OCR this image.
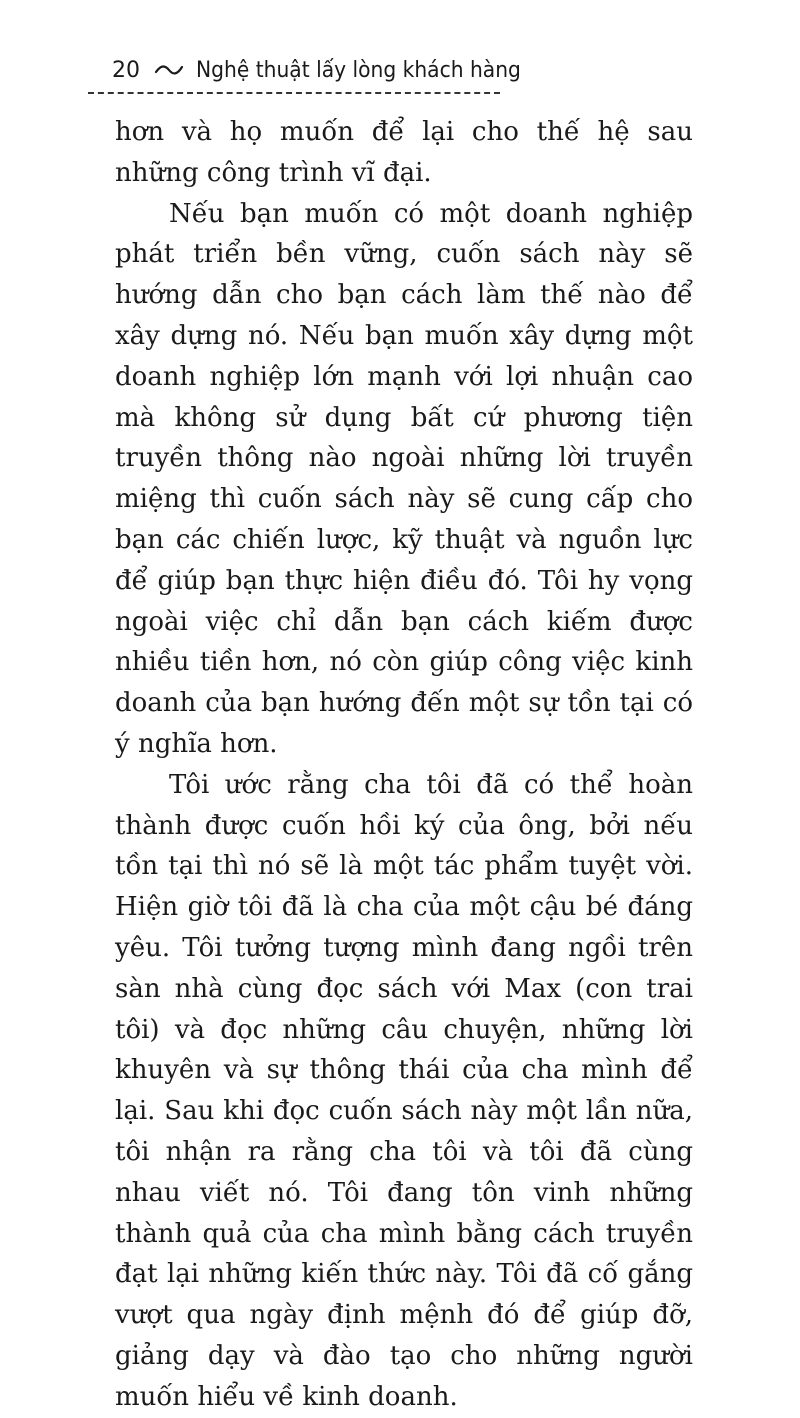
20	Nghệ thuật lấy lòng khách hàng

hơn và họ muốn để lại cho thế hệ sau những công trình vĩ đại.

Nếu bạn muốn có một doanh nghiệp phát triển bền vững, cuốn sách này sẽ hướng dẫn cho bạn cách làm thế nào để xây dựng nó. Nếu bạn muốn xây dựng một doanh nghiệp lớn mạnh với lợi nhuận cao mà không sử dụng bất cứ phương tiện truyền thông nào ngoài những lời truyền miệng thì cuốn sách này sẽ cung cấp cho bạn các chiến lược, kỹ thuật và nguồn lực để giúp bạn thực hiện điều đó. Tôi hy vọng ngoài việc chỉ dẫn bạn cách kiếm được nhiều tiền hơn, nó còn giúp công việc kinh doanh của bạn hướng đến một sự tồn tại có ý nghĩa hơn.

Tôi ước rằng cha tôi đã có thể hoàn thành được cuốn hồi ký của ông, bởi nếu tồn tại thì nó sẽ là một tác phẩm tuyệt vời. Hiện giờ tôi đã là cha của một cậu bé đáng yêu. Tôi tưởng tượng mình đang ngồi trên sàn nhà cùng đọc sách với Max (con trai tôi) và đọc những câu chuyện, những lời khuyên và sự thông thái của cha mình để lại. Sau khi đọc cuốn sách này một lần nữa, tôi nhận ra rằng cha tôi và tôi đã cùng nhau viết nó. Tôi đang tôn vinh những thành quả của cha mình bằng cách truyền đạt lại những kiến thức này. Tôi đã cố gắng vượt qua ngày định mệnh đó để giúp đỡ, giảng dạy và đào tạo cho những người muốn hiểu về kinh doanh.
